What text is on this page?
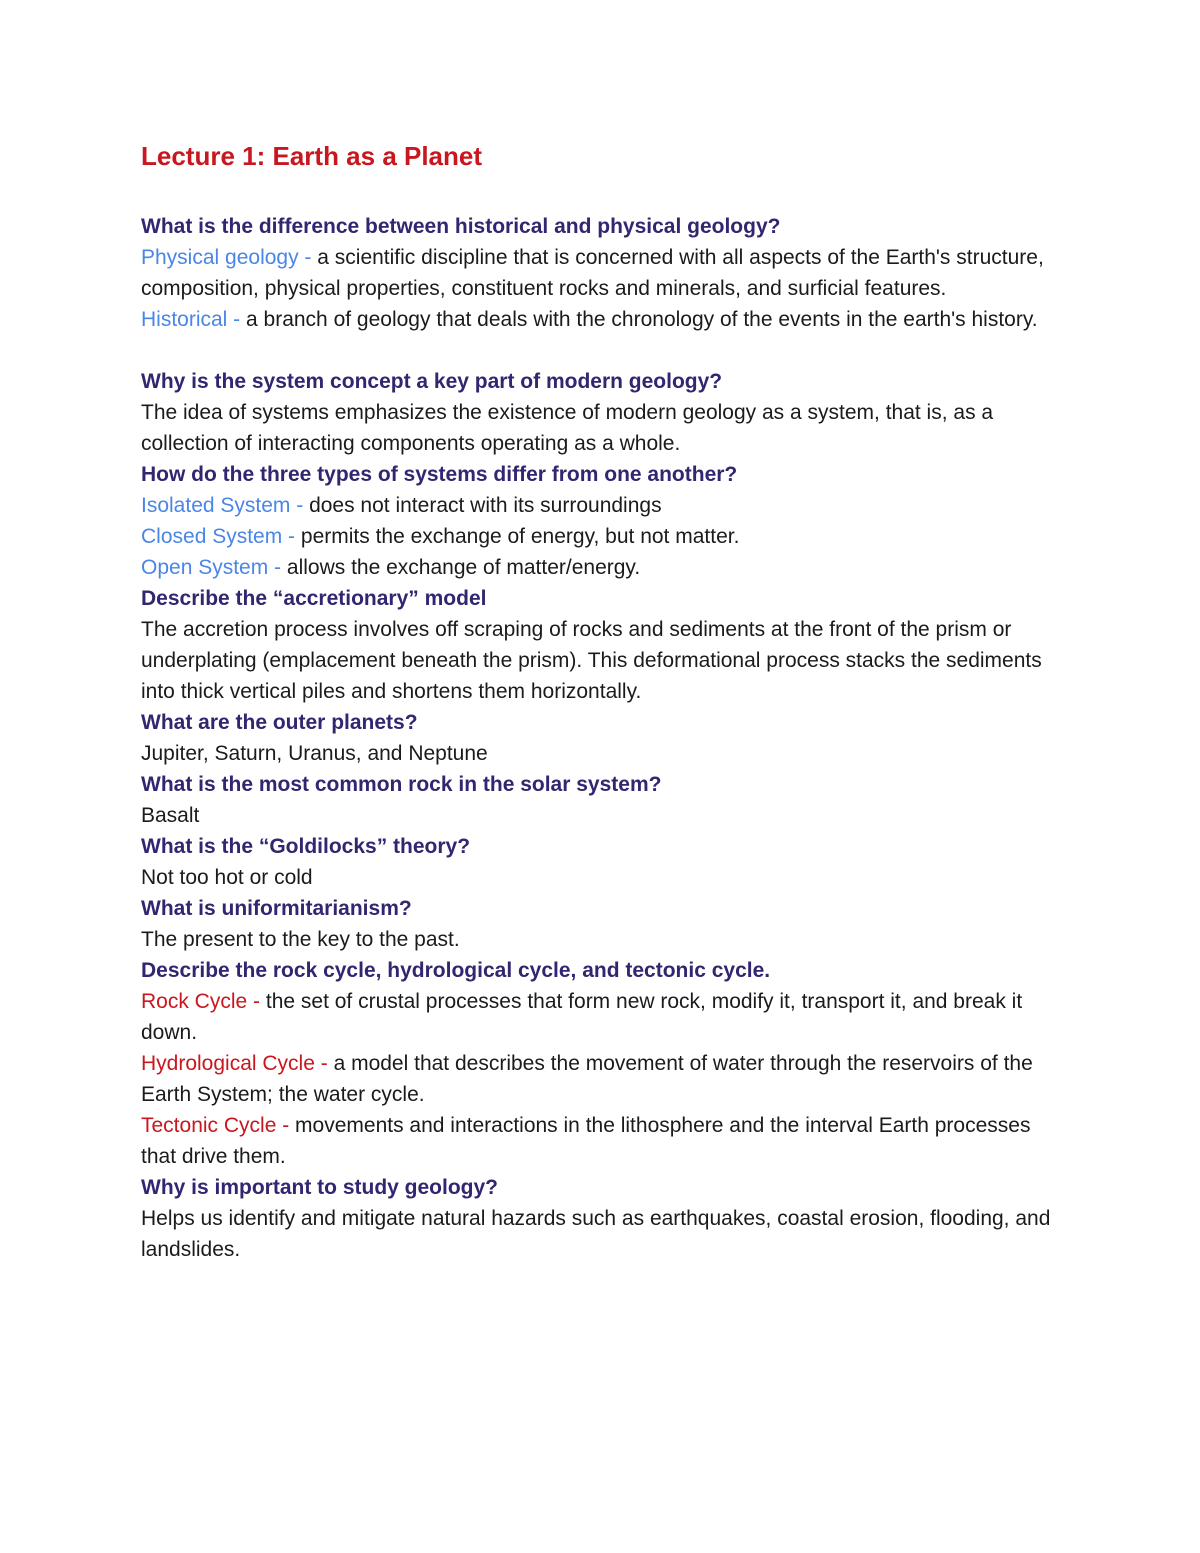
Lecture 1: Earth as a Planet

What is the difference between historical and physical geology?

Physical geology - a scientific discipline that is concerned with all aspects of the Earth's structure, composition, physical properties, constituent rocks and minerals, and surficial features.

Historical - a branch of geology that deals with the chronology of the events in the earth's history.

Why is the system concept a key part of modern geology?

The idea of systems emphasizes the existence of modern geology as a system, that is, as a collection of interacting components operating as a whole.

How do the three types of systems differ from one another?

Isolated System - does not interact with its surroundings

Closed System - permits the exchange of energy, but not matter.

Open System - allows the exchange of matter/energy.

Describe the “accretionary” model

The accretion process involves off scraping of rocks and sediments at the front of the prism or underplating (emplacement beneath the prism). This deformational process stacks the sediments into thick vertical piles and shortens them horizontally.

What are the outer planets?

Jupiter, Saturn, Uranus, and Neptune

What is the most common rock in the solar system?

Basalt

What is the “Goldilocks” theory?

Not too hot or cold

What is uniformitarianism?

The present to the key to the past.

Describe the rock cycle, hydrological cycle, and tectonic cycle.

Rock Cycle - the set of crustal processes that form new rock, modify it, transport it, and break it down.

Hydrological Cycle - a model that describes the movement of water through the reservoirs of the Earth System; the water cycle.

Tectonic Cycle - movements and interactions in the lithosphere and the interval Earth processes that drive them.

Why is important to study geology?

Helps us identify and mitigate natural hazards such as earthquakes, coastal erosion, flooding, and landslides.
